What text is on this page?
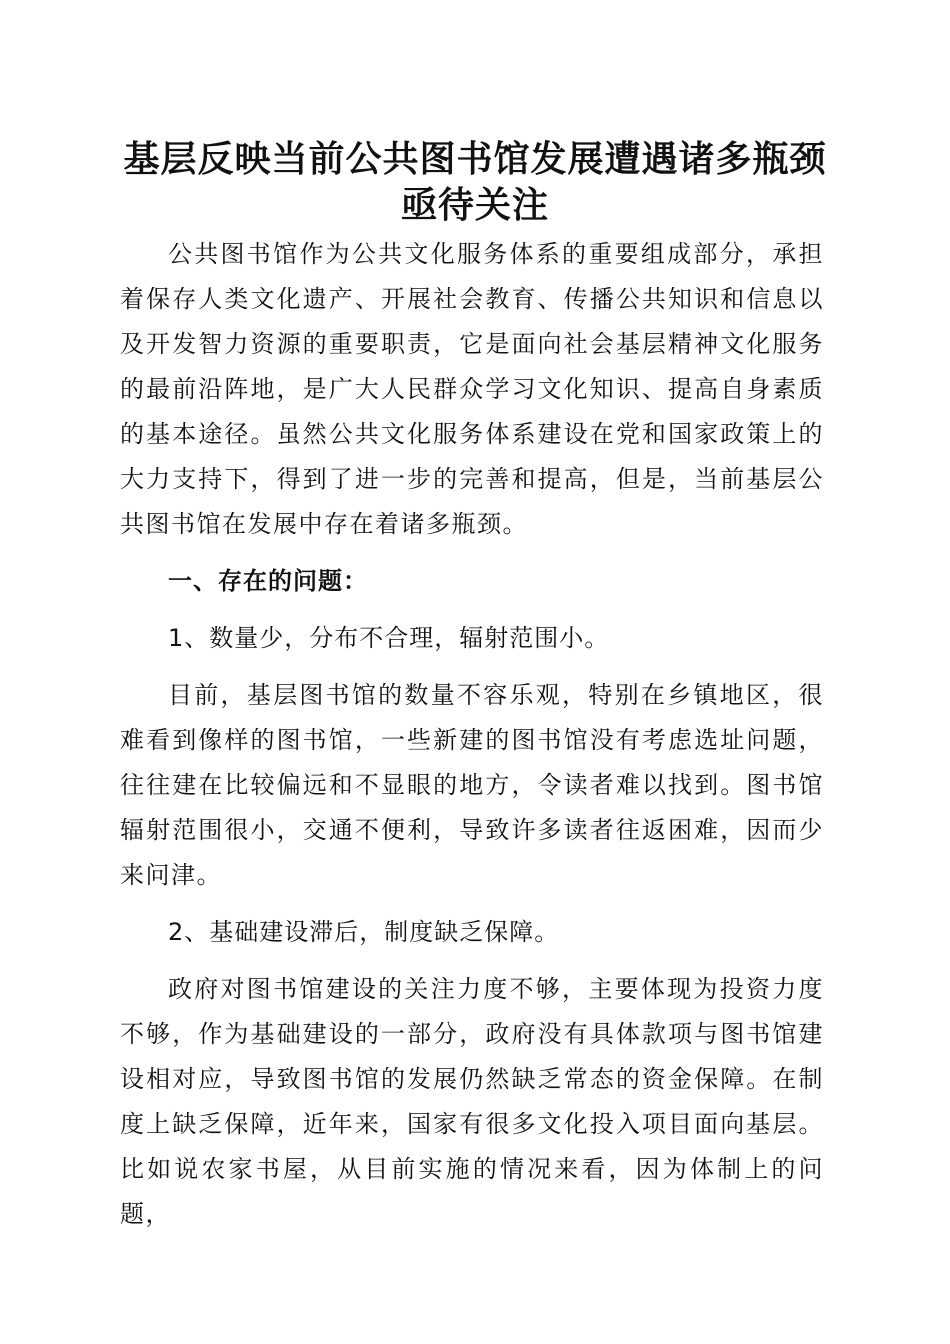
基层反映当前公共图书馆发展遭遇诸多瓶颈亟待关注

公共图书馆作为公共文化服务体系的重要组成部分，承担着保存人类文化遗产、开展社会教育、传播公共知识和信息以及开发智力资源的重要职责，它是面向社会基层精神文化服务的最前沿阵地，是广大人民群众学习文化知识、提高自身素质的基本途径。虽然公共文化服务体系建设在党和国家政策上的大力支持下，得到了进一步的完善和提高，但是，当前基层公共图书馆在发展中存在着诸多瓶颈。

一、存在的问题：

1、数量少，分布不合理，辐射范围小。

目前，基层图书馆的数量不容乐观，特别在乡镇地区，很难看到像样的图书馆，一些新建的图书馆没有考虑选址问题，往往建在比较偏远和不显眼的地方，令读者难以找到。图书馆辐射范围很小，交通不便利，导致许多读者往返困难，因而少来问津。

2、基础建设滞后，制度缺乏保障。

政府对图书馆建设的关注力度不够，主要体现为投资力度不够，作为基础建设的一部分，政府没有具体款项与图书馆建设相对应，导致图书馆的发展仍然缺乏常态的资金保障。在制度上缺乏保障，近年来，国家有很多文化投入项目面向基层。比如说农家书屋，从目前实施的情况来看，因为体制上的问题，
